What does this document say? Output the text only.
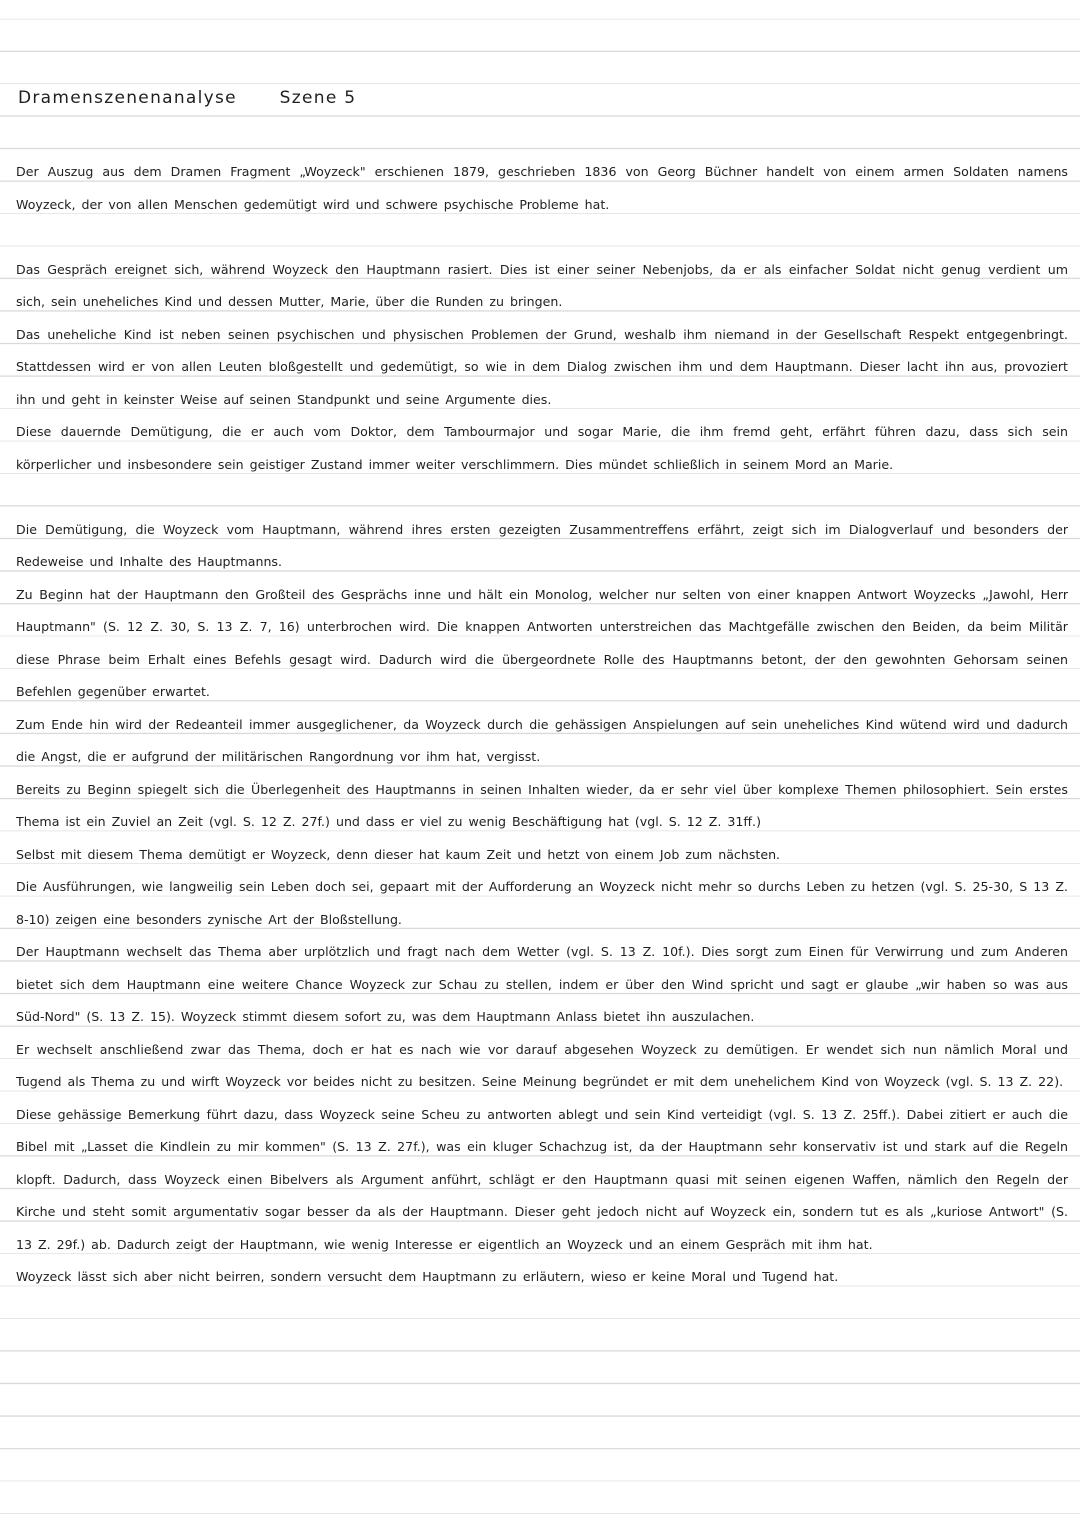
Dramenszenenanalyse	Szene 5

Der Auszug aus dem Dramen Fragment „Woyzeck" erschienen 1879, geschrieben 1836 von Georg Büchner handelt von einem armen Soldaten namens Woyzeck, der von allen Menschen gedemütigt wird und schwere psychische Probleme hat.

Das Gespräch ereignet sich, während Woyzeck den Hauptmann rasiert. Dies ist einer seiner Nebenjobs, da er als einfacher Soldat nicht genug verdient um sich, sein uneheliches Kind und dessen Mutter, Marie, über die Runden zu bringen.

Das uneheliche Kind ist neben seinen psychischen und physischen Problemen der Grund, weshalb ihm niemand in der Gesellschaft Respekt entgegenbringt. Stattdessen wird er von allen Leuten bloßgestellt und gedemütigt, so wie in dem Dialog zwischen ihm und dem Hauptmann. Dieser lacht ihn aus, provoziert ihn und geht in keinster Weise auf seinen Standpunkt und seine Argumente dies.

Diese dauernde Demütigung, die er auch vom Doktor, dem Tambourmajor und sogar Marie, die ihm fremd geht, erfährt führen dazu, dass sich sein körperlicher und insbesondere sein geistiger Zustand immer weiter verschlimmern. Dies mündet schließlich in seinem Mord an Marie.

Die Demütigung, die Woyzeck vom Hauptmann, während ihres ersten gezeigten Zusammentreffens erfährt, zeigt sich im Dialogverlauf und besonders der Redeweise und Inhalte des Hauptmanns.

Zu Beginn hat der Hauptmann den Großteil des Gesprächs inne und hält ein Monolog, welcher nur selten von einer knappen Antwort Woyzecks „Jawohl, Herr Hauptmann" (S. 12 Z. 30, S. 13 Z. 7, 16) unterbrochen wird. Die knappen Antworten unterstreichen das Machtgefälle zwischen den Beiden, da beim Militär diese Phrase beim Erhalt eines Befehls gesagt wird. Dadurch wird die übergeordnete Rolle des Hauptmanns betont, der den gewohnten Gehorsam seinen Befehlen gegenüber erwartet.

Zum Ende hin wird der Redeanteil immer ausgeglichener, da Woyzeck durch die gehässigen Anspielungen auf sein uneheliches Kind wütend wird und dadurch die Angst, die er aufgrund der militärischen Rangordnung vor ihm hat, vergisst.

Bereits zu Beginn spiegelt sich die Überlegenheit des Hauptmanns in seinen Inhalten wieder, da er sehr viel über komplexe Themen philosophiert. Sein erstes Thema ist ein Zuviel an Zeit (vgl. S. 12 Z. 27f.) und dass er viel zu wenig Beschäftigung hat (vgl. S. 12 Z. 31ff.)

Selbst mit diesem Thema demütigt er Woyzeck, denn dieser hat kaum Zeit und hetzt von einem Job zum nächsten.

Die Ausführungen, wie langweilig sein Leben doch sei, gepaart mit der Aufforderung an Woyzeck nicht mehr so durchs Leben zu hetzen (vgl. S. 25-30, S 13 Z. 8-10) zeigen eine besonders zynische Art der Bloßstellung.

Der Hauptmann wechselt das Thema aber urplötzlich und fragt nach dem Wetter (vgl. S. 13 Z. 10f.). Dies sorgt zum Einen für Verwirrung und zum Anderen bietet sich dem Hauptmann eine weitere Chance Woyzeck zur Schau zu stellen, indem er über den Wind spricht und sagt er glaube „wir haben so was aus Süd-Nord" (S. 13 Z. 15). Woyzeck stimmt diesem sofort zu, was dem Hauptmann Anlass bietet ihn auszulachen.

Er wechselt anschließend zwar das Thema, doch er hat es nach wie vor darauf abgesehen Woyzeck zu demütigen. Er wendet sich nun nämlich Moral und Tugend als Thema zu und wirft Woyzeck vor beides nicht zu besitzen. Seine Meinung begründet er mit dem unehelichem Kind von Woyzeck (vgl. S. 13 Z. 22).

Diese gehässige Bemerkung führt dazu, dass Woyzeck seine Scheu zu antworten ablegt und sein Kind verteidigt (vgl. S. 13 Z. 25ff.). Dabei zitiert er auch die Bibel mit „Lasset die Kindlein zu mir kommen" (S. 13 Z. 27f.), was ein kluger Schachzug ist, da der Hauptmann sehr konservativ ist und stark auf die Regeln klopft. Dadurch, dass Woyzeck einen Bibelvers als Argument anführt, schlägt er den Hauptmann quasi mit seinen eigenen Waffen, nämlich den Regeln der Kirche und steht somit argumentativ sogar besser da als der Hauptmann. Dieser geht jedoch nicht auf Woyzeck ein, sondern tut es als „kuriose Antwort" (S. 13 Z. 29f.) ab. Dadurch zeigt der Hauptmann, wie wenig Interesse er eigentlich an Woyzeck und an einem Gespräch mit ihm hat.

Woyzeck lässt sich aber nicht beirren, sondern versucht dem Hauptmann zu erläutern, wieso er keine Moral und Tugend hat.
